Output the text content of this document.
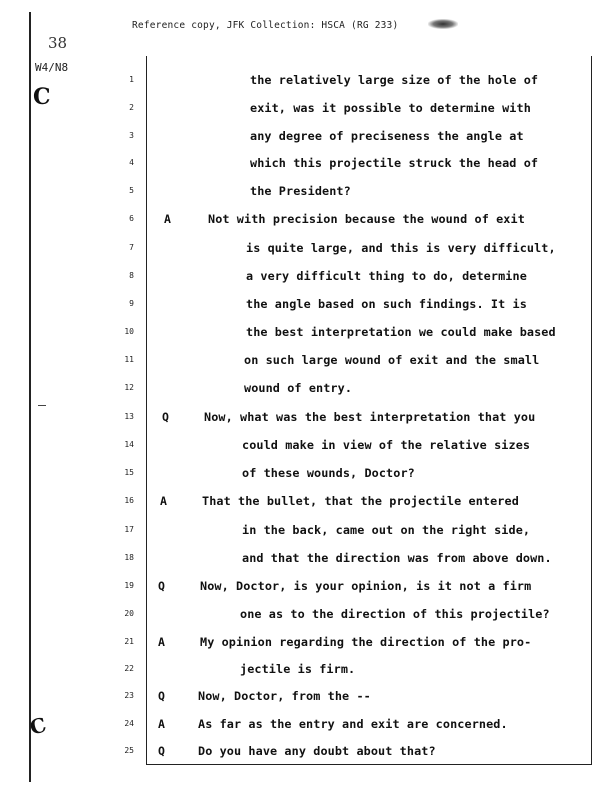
Reference copy, JFK Collection: HSCA (RG 233)
38
W4/N8
C
C
1	the relatively large size of the hole of
2	exit, was it possible to determine with
3	any degree of preciseness the angle at
4	which this projectile struck the head of
5	the President?
6	A	Not with precision because the wound of exit
7	is quite large, and this is very difficult,
8	a very difficult thing to do, determine
9	the angle based on such findings. It is
10	the best interpretation we could make based
11	on such large wound of exit and the small
12	wound of entry.
13 Q	Now, what was the best interpretation that you
14	could make in view of the relative sizes
15	of these wounds, Doctor?
16 A	That the bullet, that the projectile entered
17	in the back, came out on the right side,
18	and that the direction was from above down.
19 Q	Now, Doctor, is your opinion, is it not a firm
20	one as to the direction of this projectile?
21 A	My opinion regarding the direction of the pro-
22	jectile is firm.
23 Q	Now, Doctor, from the --
24 A	As far as the entry and exit are concerned.
25 Q	Do you have any doubt about that?
